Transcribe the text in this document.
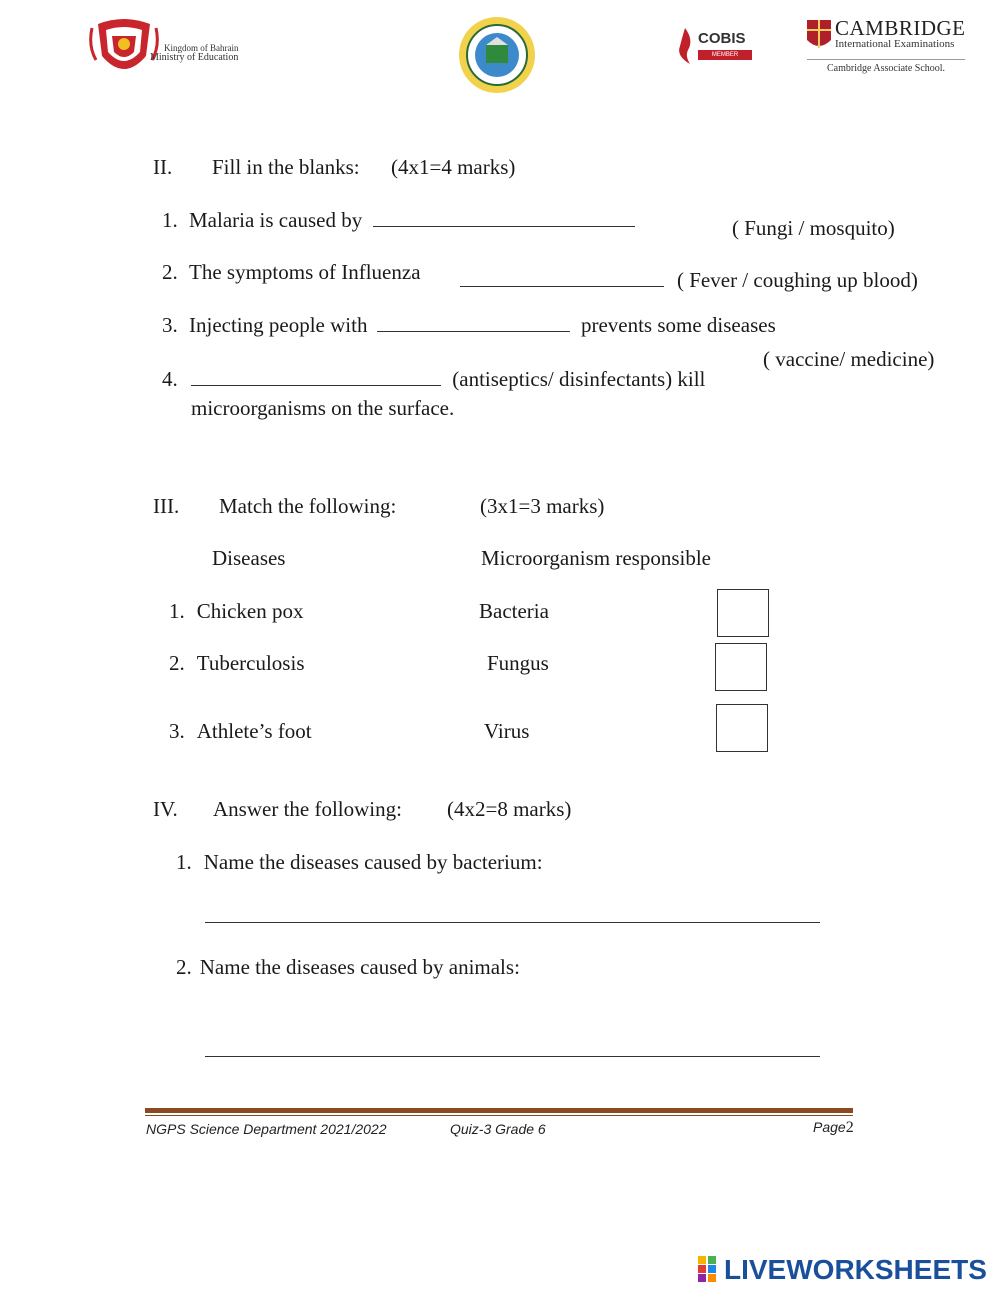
Kingdom of Bahrain
Ministry of Education
COBIS
MEMBER
CAMBRIDGE
International Examinations
Cambridge Associate School.
II. Fill in the blanks: (4x1=4 marks)
1. Malaria is caused by	( Fungi / mosquito)
2. The symptoms of Influenza	( Fever / coughing up blood)
3. Injecting people with	prevents some diseases
( vaccine/ medicine)
4.	(antiseptics/ disinfectants) kill
microorganisms on the surface.
III. Match the following:	(3x1=3 marks)
Diseases	Microorganism responsible
1. Chicken pox	Bacteria
2. Tuberculosis	Fungus
3. Athlete’s foot	Virus
IV. Answer the following: (4x2=8 marks)
1. Name the diseases caused by bacterium:
2. Name the diseases caused by animals:
NGPS Science Department 2021/2022	Quiz-3 Grade 6	Page2
LIVEWORKSHEETS
